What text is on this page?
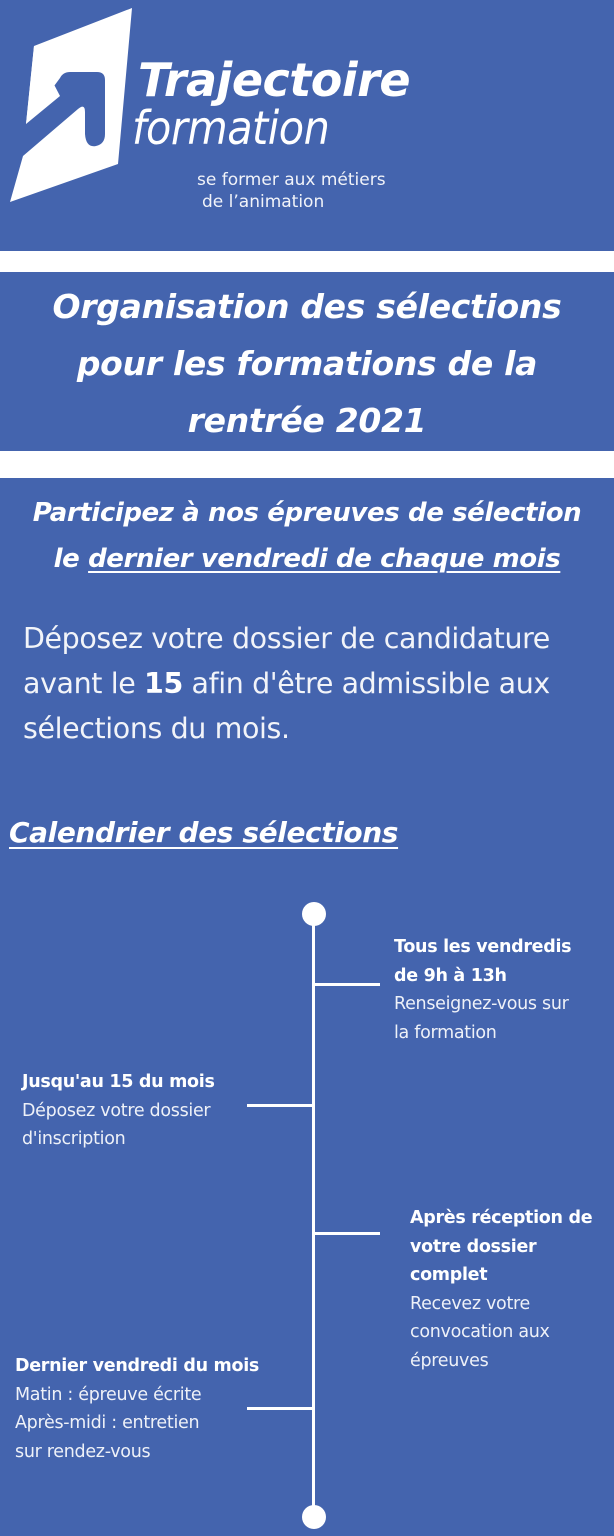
Trajectoire
formation
se former aux métiers
de l’animation
Organisation des sélections
pour les formations de la
rentrée 2021
Participez à nos épreuves de sélection
le dernier vendredi de chaque mois
Déposez votre dossier de candidature
avant le 15 afin d'être admissible aux
sélections du mois.
Calendrier des sélections
Tous les vendredis
de 9h à 13h
Renseignez-vous sur
la formation
Jusqu'au 15 du mois
Déposez votre dossier
d'inscription
Après réception de
votre dossier
complet
Recevez votre
convocation aux
épreuves
Dernier vendredi du mois
Matin : épreuve écrite
Après-midi : entretien
sur rendez-vous
